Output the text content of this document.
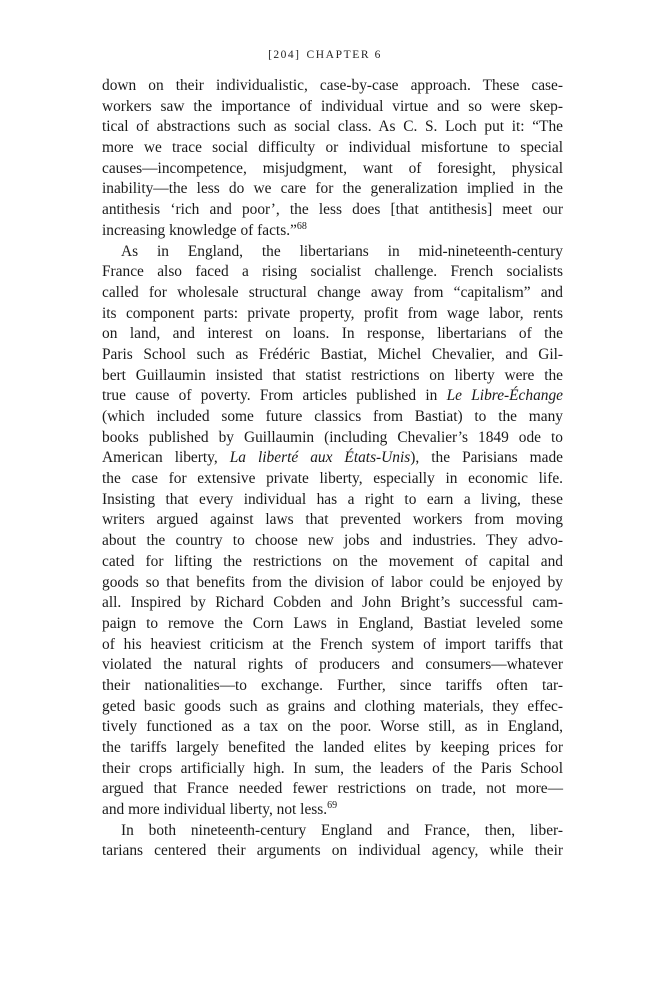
[204] CHAPTER 6
down on their individualistic, case-by-case approach. These case-
workers saw the importance of individual virtue and so were skep-
tical of abstractions such as social class. As C. S. Loch put it: “The
more we trace social difficulty or individual misfortune to special
causes—incompetence, misjudgment, want of foresight, physical
inability—the less do we care for the generalization implied in the
antithesis ‘rich and poor’, the less does [that antithesis] meet our
increasing knowledge of facts.”$^{68}$
As in England, the libertarians in mid-nineteenth-century
France also faced a rising socialist challenge. French socialists
called for wholesale structural change away from “capitalism” and
its component parts: private property, profit from wage labor, rents
on land, and interest on loans. In response, libertarians of the
Paris School such as Frédéric Bastiat, Michel Chevalier, and Gil-
bert Guillaumin insisted that statist restrictions on liberty were the
true cause of poverty. From articles published in Le Libre-Échange
(which included some future classics from Bastiat) to the many
books published by Guillaumin (including Chevalier’s 1849 ode to
American liberty, La liberté aux États-Unis), the Parisians made
the case for extensive private liberty, especially in economic life.
Insisting that every individual has a right to earn a living, these
writers argued against laws that prevented workers from moving
about the country to choose new jobs and industries. They advo-
cated for lifting the restrictions on the movement of capital and
goods so that benefits from the division of labor could be enjoyed by
all. Inspired by Richard Cobden and John Bright’s successful cam-
paign to remove the Corn Laws in England, Bastiat leveled some
of his heaviest criticism at the French system of import tariffs that
violated the natural rights of producers and consumers—whatever
their nationalities—to exchange. Further, since tariffs often tar-
geted basic goods such as grains and clothing materials, they effec-
tively functioned as a tax on the poor. Worse still, as in England,
the tariffs largely benefited the landed elites by keeping prices for
their crops artificially high. In sum, the leaders of the Paris School
argued that France needed fewer restrictions on trade, not more—
and more individual liberty, not less.$^{69}$
In both nineteenth-century England and France, then, liber-
tarians centered their arguments on individual agency, while their
